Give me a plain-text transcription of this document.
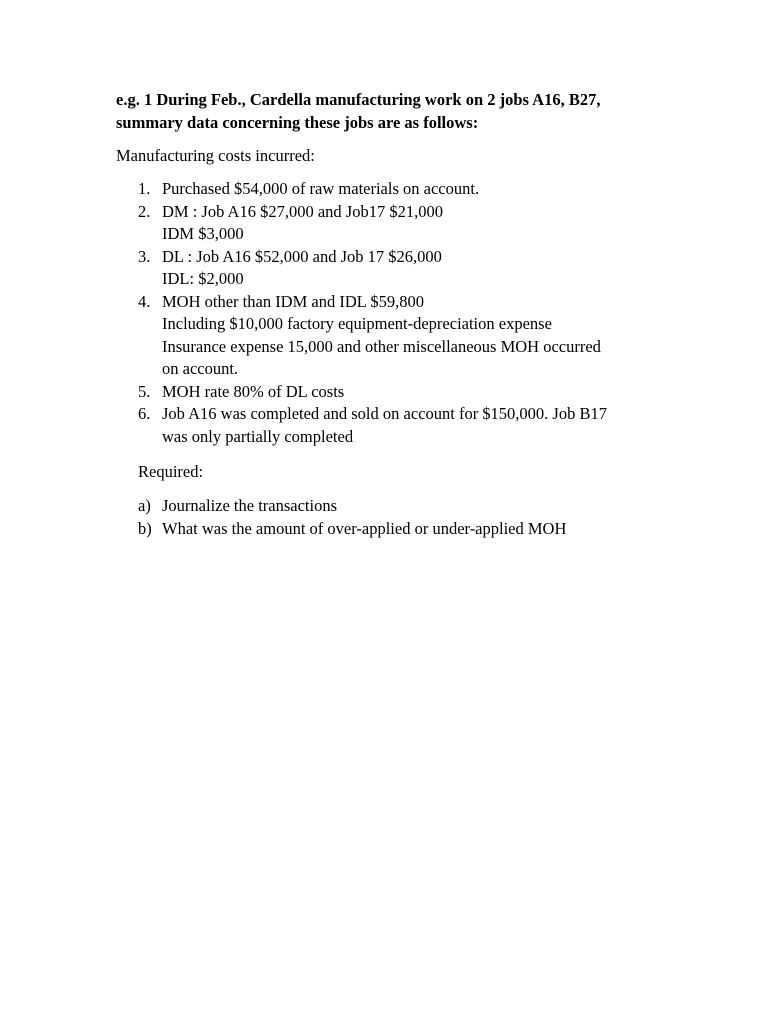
e.g. 1 During Feb., Cardella manufacturing work on 2 jobs A16, B27,
summary data concerning these jobs are as follows:
Manufacturing costs incurred:
1. Purchased $54,000 of raw materials on account.
2. DM : Job A16 $27,000 and Job17 $21,000
IDM $3,000
3. DL : Job A16 $52,000 and Job 17 $26,000
IDL: $2,000
4. MOH other than IDM and IDL $59,800
Including $10,000 factory equipment-depreciation expense
Insurance expense 15,000 and other miscellaneous MOH occurred
on account.
5. MOH rate 80% of DL costs
6. Job A16 was completed and sold on account for $150,000. Job B17
was only partially completed
Required:
a) Journalize the transactions
b) What was the amount of over-applied or under-applied MOH
